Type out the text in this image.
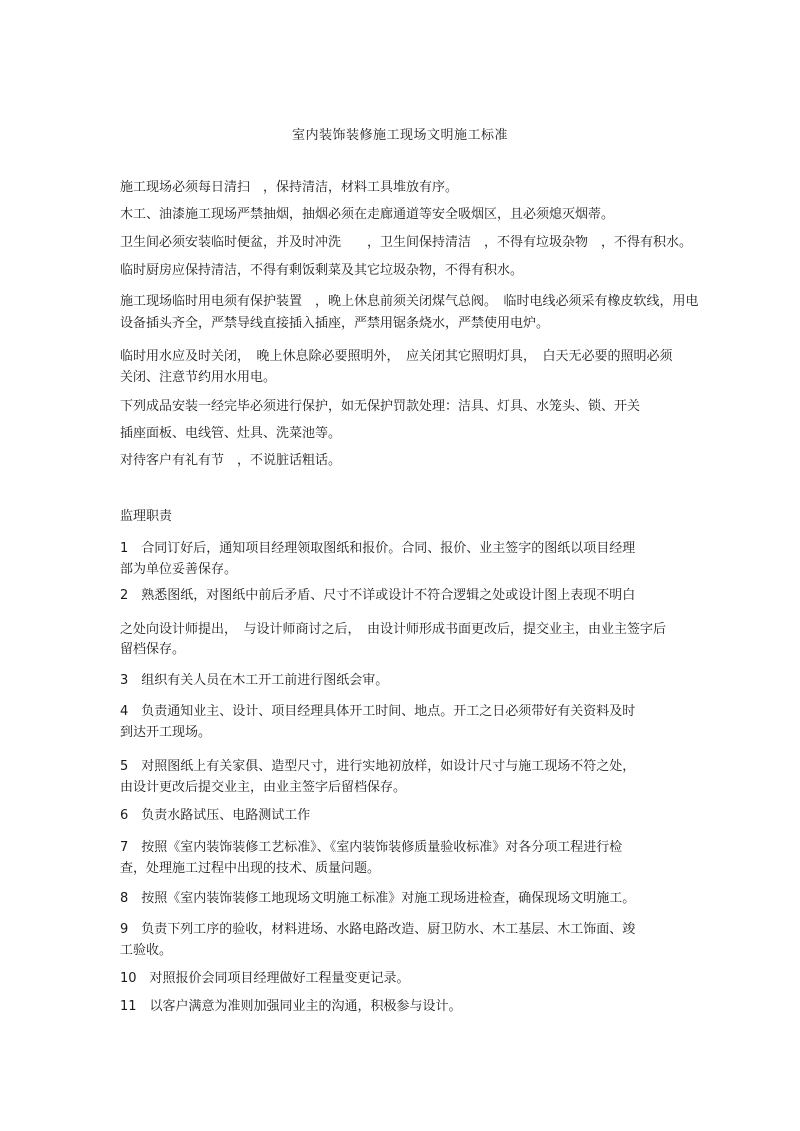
室内装饰装修施工现场文明施工标准
施工现场必须每日清扫　，保持清洁，材料工具堆放有序。
木工、油漆施工现场严禁抽烟，抽烟必须在走廊通道等安全吸烟区，且必须熄灭烟蒂。
卫生间必须安装临时便盆，并及时冲洗　　，卫生间保持清洁　，不得有垃圾杂物　，不得有积水。
临时厨房应保持清洁，不得有剩饭剩菜及其它垃圾杂物，不得有积水。
施工现场临时用电须有保护装置　，晚上休息前须关闭煤气总阀。　临时电线必须采有橡皮软线，用电
设备插头齐全，严禁导线直接插入插座，严禁用锯条烧水，严禁使用电炉。
临时用水应及时关闭，　晚上休息除必要照明外，　应关闭其它照明灯具，　白天无必要的照明必须
关闭、注意节约用水用电。
下列成品安装一经完毕必须进行保护，如无保护罚款处理：洁具、灯具、水笼头、锁、开关
插座面板、电线管、灶具、洗菜池等。
对待客户有礼有节　，不说脏话粗话。
监理职责
1　合同订好后，通知项目经理领取图纸和报价。合同、报价、业主签字的图纸以项目经理
部为单位妥善保存。
2　熟悉图纸，对图纸中前后矛盾、尺寸不详或设计不符合逻辑之处或设计图上表现不明白
之处向设计师提出，　与设计师商讨之后，　由设计师形成书面更改后，提交业主，由业主签字后
留档保存。
3　组织有关人员在木工开工前进行图纸会审。
4　负责通知业主、设计、项目经理具体开工时间、地点。开工之日必须带好有关资料及时
到达开工现场。
5　对照图纸上有关家俱、造型尺寸，进行实地初放样，如设计尺寸与施工现场不符之处，
由设计更改后提交业主，由业主签字后留档保存。
6　负责水路试压、电路测试工作
7　按照《室内装饰装修工艺标准》、《室内装饰装修质量验收标准》对各分项工程进行检
查，处理施工过程中出现的技术、质量问题。
8　按照《室内装饰装修工地现场文明施工标准》对施工现场进检查，确保现场文明施工。
9　负责下列工序的验收，材料进场、水路电路改造、厨卫防水、木工基层、木工饰面、竣
工验收。
10　对照报价会同项目经理做好工程量变更记录。
11　以客户满意为准则加强同业主的沟通，积极参与设计。
